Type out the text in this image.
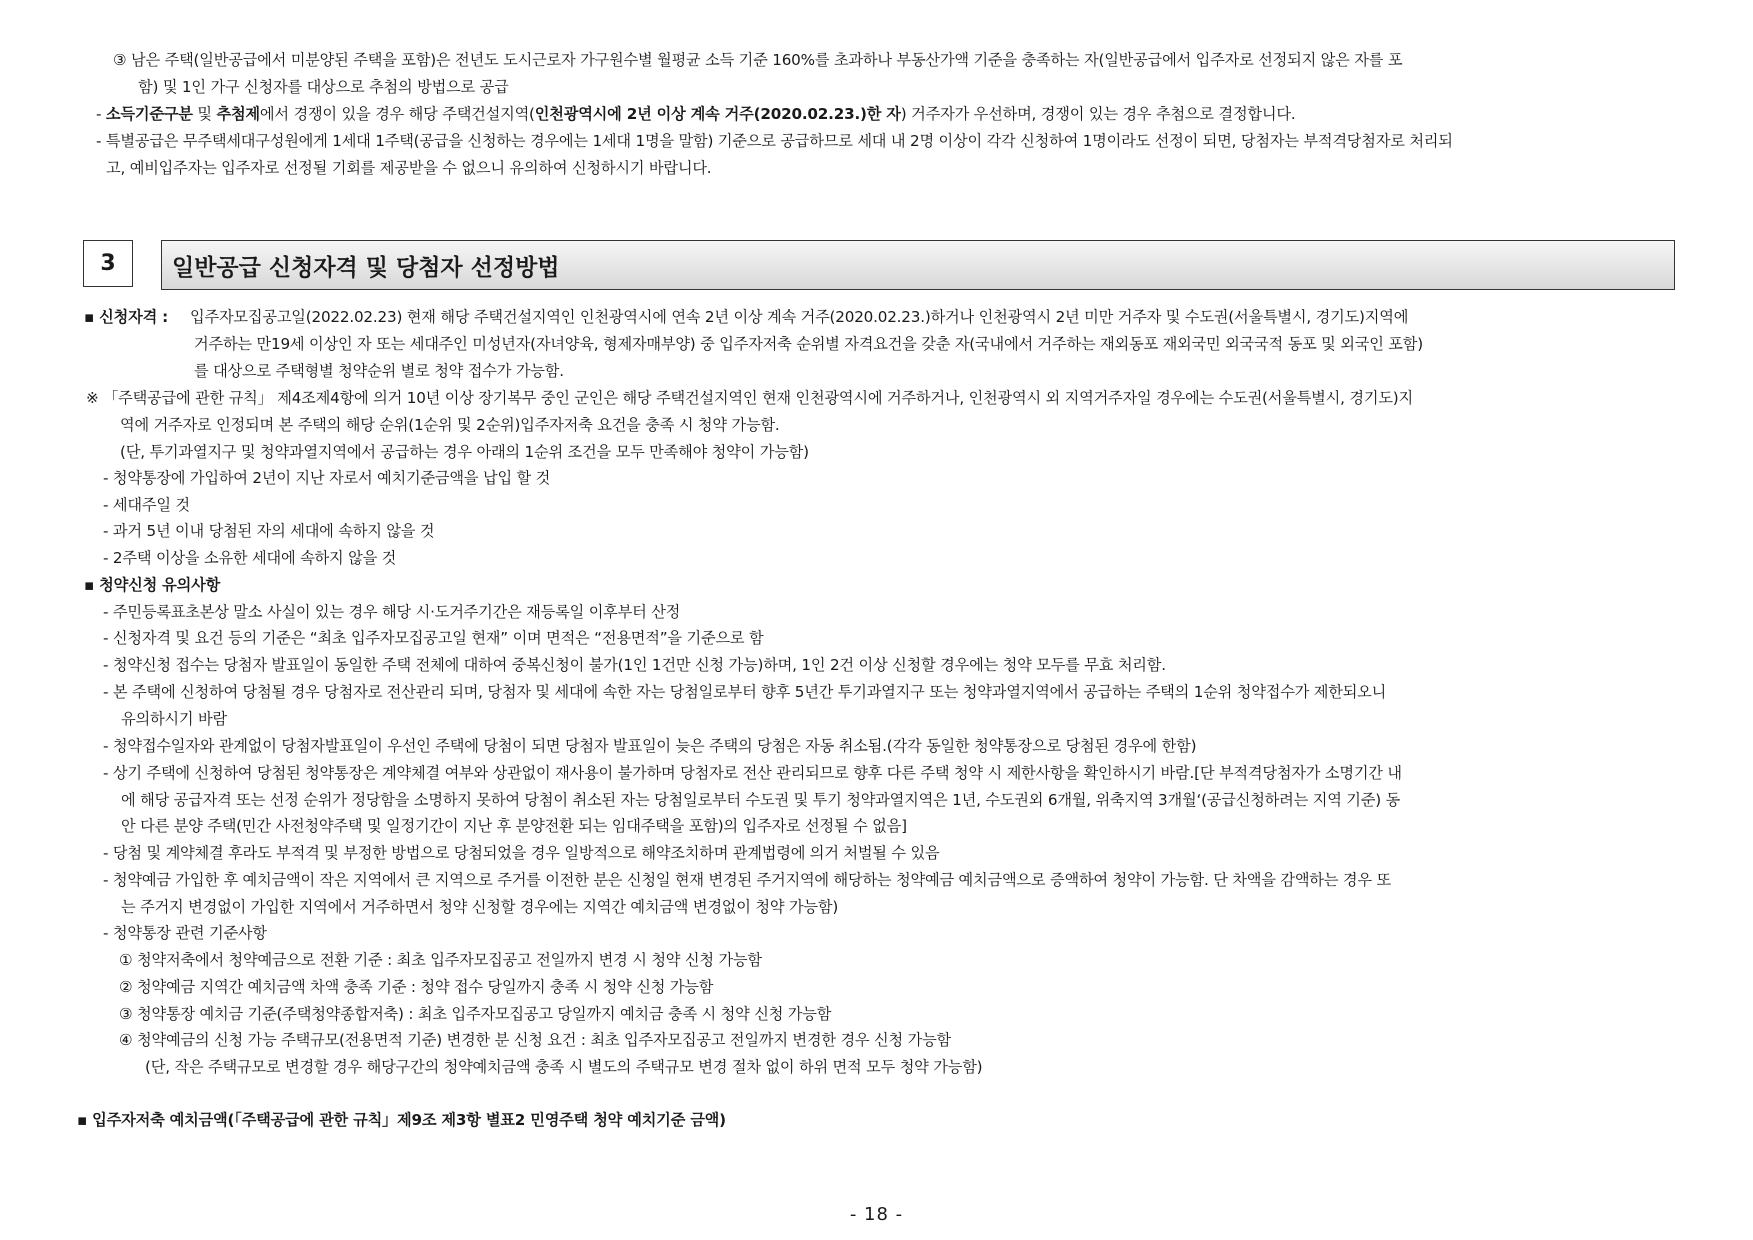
③ 남은 주택(일반공급에서 미분양된 주택을 포함)은 전년도 도시근로자 가구원수별 월평균 소득 기준 160%를 초과하나 부동산가액 기준을 충족하는 자(일반공급에서 입주자로 선정되지 않은 자를 포
함) 및 1인 가구 신청자를 대상으로 추첨의 방법으로 공급
- 소득기준구분 및 추첨제에서 경쟁이 있을 경우 해당 주택건설지역(인천광역시에 2년 이상 계속 거주(2020.02.23.)한 자) 거주자가 우선하며, 경쟁이 있는 경우 추첨으로 결정합니다.
- 특별공급은 무주택세대구성원에게 1세대 1주택(공급을 신청하는 경우에는 1세대 1명을 말함) 기준으로 공급하므로 세대 내 2명 이상이 각각 신청하여 1명이라도 선정이 되면, 당첨자는 부적격당첨자로 처리되
고, 예비입주자는 입주자로 선정될 기회를 제공받을 수 없으니 유의하여 신청하시기 바랍니다.
3 일반공급 신청자격 및 당첨자 선정방법
▪ 신청자격 : 입주자모집공고일(2022.02.23) 현재 해당 주택건설지역인 인천광역시에 연속 2년 이상 계속 거주(2020.02.23.)하거나 인천광역시 2년 미만 거주자 및 수도권(서울특별시, 경기도)지역에
거주하는 만19세 이상인 자 또는 세대주인 미성년자(자녀양육, 형제자매부양) 중 입주자저축 순위별 자격요건을 갖춘 자(국내에서 거주하는 재외동포 재외국민 외국국적 동포 및 외국인 포함)
를 대상으로 주택형별 청약순위 별로 청약 접수가 가능함.
※ 「주택공급에 관한 규칙」 제4조제4항에 의거 10년 이상 장기복무 중인 군인은 해당 주택건설지역인 현재 인천광역시에 거주하거나, 인천광역시 외 지역거주자일 경우에는 수도권(서울특별시, 경기도)지
역에 거주자로 인정되며 본 주택의 해당 순위(1순위 및 2순위)입주자저축 요건을 충족 시 청약 가능함.
(단, 투기과열지구 및 청약과열지역에서 공급하는 경우 아래의 1순위 조건을 모두 만족해야 청약이 가능함)
- 청약통장에 가입하여 2년이 지난 자로서 예치기준금액을 납입 할 것
- 세대주일 것
- 과거 5년 이내 당첨된 자의 세대에 속하지 않을 것
- 2주택 이상을 소유한 세대에 속하지 않을 것
▪ 청약신청 유의사항
- 주민등록표초본상 말소 사실이 있는 경우 해당 시·도거주기간은 재등록일 이후부터 산정
- 신청자격 및 요건 등의 기준은 “최초 입주자모집공고일 현재” 이며 면적은 “전용면적”을 기준으로 함
- 청약신청 접수는 당첨자 발표일이 동일한 주택 전체에 대하여 중복신청이 불가(1인 1건만 신청 가능)하며, 1인 2건 이상 신청할 경우에는 청약 모두를 무효 처리함.
- 본 주택에 신청하여 당첨될 경우 당첨자로 전산관리 되며, 당첨자 및 세대에 속한 자는 당첨일로부터 향후 5년간 투기과열지구 또는 청약과열지역에서 공급하는 주택의 1순위 청약접수가 제한되오니
유의하시기 바람
- 청약접수일자와 관계없이 당첨자발표일이 우선인 주택에 당첨이 되면 당첨자 발표일이 늦은 주택의 당첨은 자동 취소됨.(각각 동일한 청약통장으로 당첨된 경우에 한함)
- 상기 주택에 신청하여 당첨된 청약통장은 계약체결 여부와 상관없이 재사용이 불가하며 당첨자로 전산 관리되므로 향후 다른 주택 청약 시 제한사항을 확인하시기 바람.[단 부적격당첨자가 소명기간 내
에 해당 공급자격 또는 선정 순위가 정당함을 소명하지 못하여 당첨이 취소된 자는 당첨일로부터 수도권 및 투기 청약과열지역은 1년, 수도권외 6개월, 위축지역 3개월‘(공급신청하려는 지역 기준) 동
안 다른 분양 주택(민간 사전청약주택 및 일정기간이 지난 후 분양전환 되는 임대주택을 포함)의 입주자로 선정될 수 없음]
- 당첨 및 계약체결 후라도 부적격 및 부정한 방법으로 당첨되었을 경우 일방적으로 해약조치하며 관계법령에 의거 처벌될 수 있음
- 청약예금 가입한 후 예치금액이 작은 지역에서 큰 지역으로 주거를 이전한 분은 신청일 현재 변경된 주거지역에 해당하는 청약예금 예치금액으로 증액하여 청약이 가능함. 단 차액을 감액하는 경우 또
는 주거지 변경없이 가입한 지역에서 거주하면서 청약 신청할 경우에는 지역간 예치금액 변경없이 청약 가능함)
- 청약통장 관련 기준사항
① 청약저축에서 청약예금으로 전환 기준 : 최초 입주자모집공고 전일까지 변경 시 청약 신청 가능함
② 청약예금 지역간 예치금액 차액 충족 기준 : 청약 접수 당일까지 충족 시 청약 신청 가능함
③ 청약통장 예치금 기준(주택청약종합저축) : 최초 입주자모집공고 당일까지 예치금 충족 시 청약 신청 가능함
④ 청약예금의 신청 가능 주택규모(전용면적 기준) 변경한 분 신청 요건 : 최초 입주자모집공고 전일까지 변경한 경우 신청 가능함
(단, 작은 주택규모로 변경할 경우 해당구간의 청약예치금액 충족 시 별도의 주택규모 변경 절차 없이 하위 면적 모두 청약 가능함)
▪ 입주자저축 예치금액(「주택공급에 관한 규칙」제9조 제3항 별표2 민영주택 청약 예치기준 금액)
- 18 -
